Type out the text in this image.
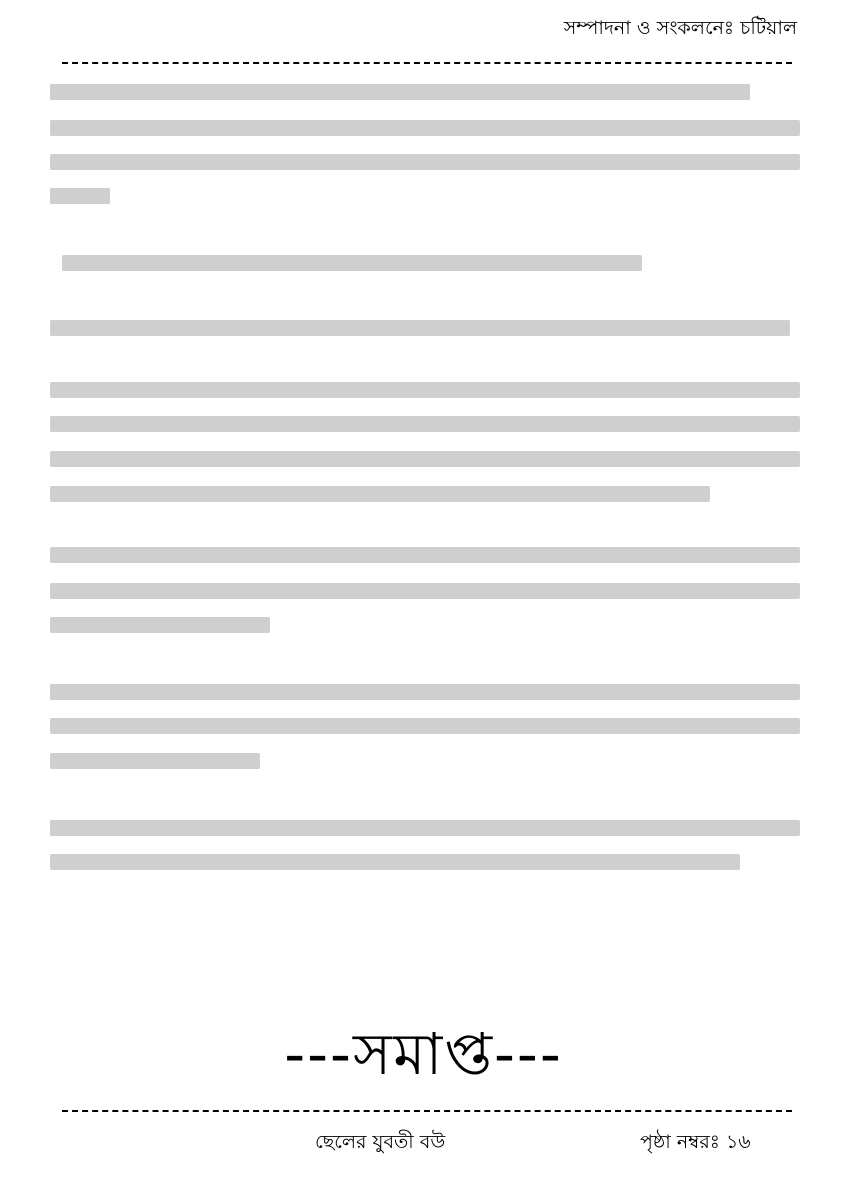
সম্পাদনা ও সংকলনেঃ চটিয়াল
---সমাপ্ত---
ছেলের যুবতী বউ	পৃষ্ঠা নম্বরঃ ১৬
